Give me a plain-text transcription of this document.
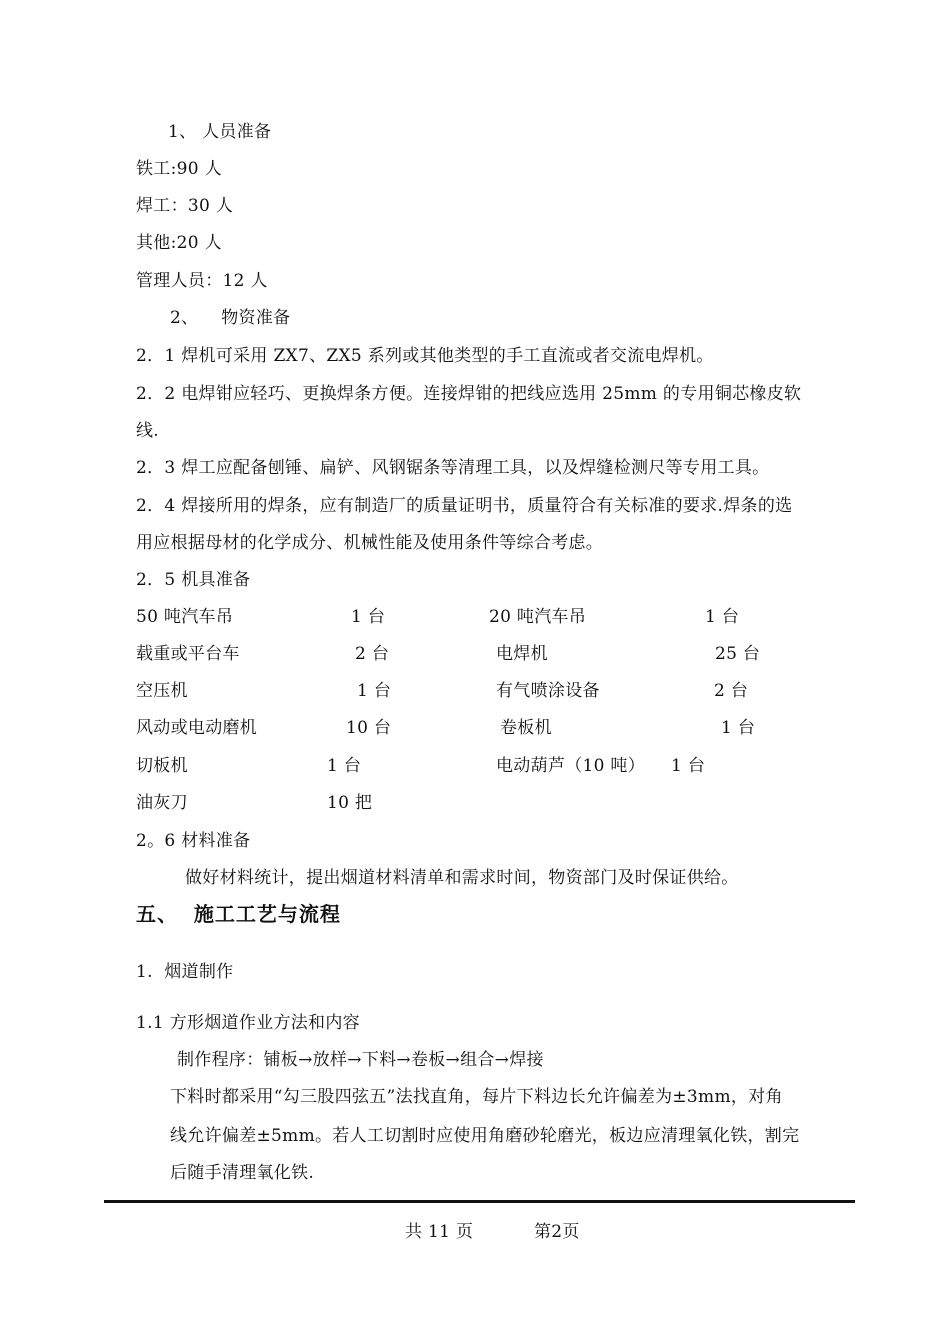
1、 人员准备
铁工:90 人
焊工：30 人
其他:20 人
管理人员：12 人
2、    物资准备
2．1 焊机可采用 ZX7、ZX5 系列或其他类型的手工直流或者交流电焊机。
2．2 电焊钳应轻巧、更换焊条方便。连接焊钳的把线应选用 25mm 的专用铜芯橡皮软
线.
2．3 焊工应配备刨锤、扁铲、风钢锯条等清理工具，以及焊缝检测尺等专用工具。
2．4 焊接所用的焊条，应有制造厂的质量证明书，质量符合有关标准的要求.焊条的选
用应根据母材的化学成分、机械性能及使用条件等综合考虑。
2．5 机具准备
50 吨汽车吊	1 台	20 吨汽车吊	1 台
载重或平台车	2 台	电焊机	25 台
空压机	1 台	有气喷涂设备	2 台
风动或电动磨机	10 台	卷板机	1 台
切板机	1 台	电动葫芦（10 吨） 1 台
油灰刀	10 把
2。6 材料准备
做好材料统计，提出烟道材料清单和需求时间，物资部门及时保证供给。
五、  施工工艺与流程
1.  烟道制作
1.1 方形烟道作业方法和内容
制作程序：铺板→放样→下料→卷板→组合→焊接
下料时都采用“勾三股四弦五”法找直角，每片下料边长允许偏差为±3mm，对角
线允许偏差±5mm。若人工切割时应使用角磨砂轮磨光，板边应清理氧化铁，割完
后随手清理氧化铁.
共 11 页	第2页
